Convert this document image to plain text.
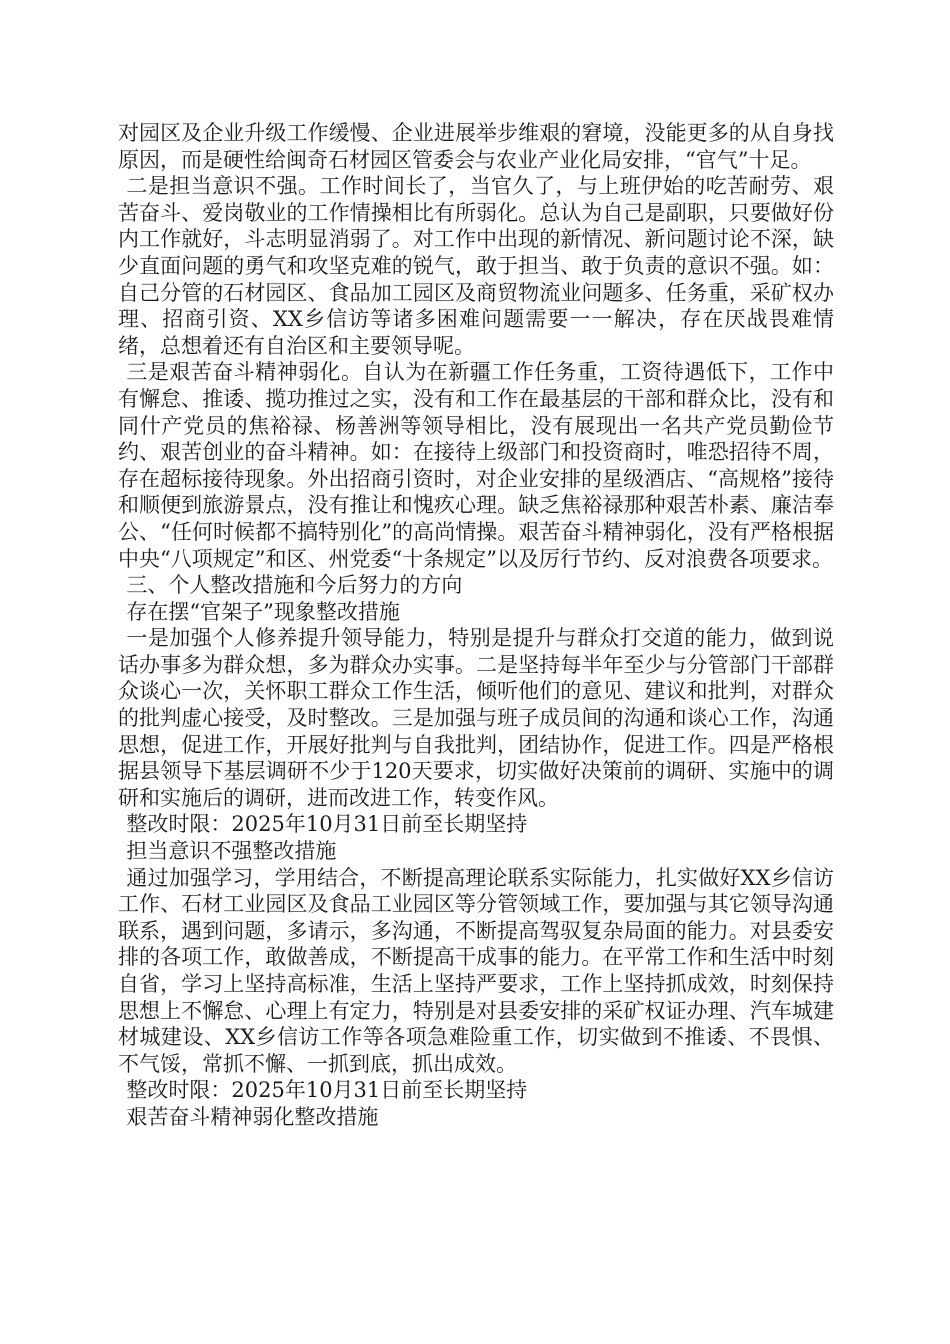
对园区及企业升级工作缓慢、企业进展举步维艰的窘境，没能更多的从自身找原因，而是硬性给闽奇石材园区管委会与农业产业化局安排，“官气”十足。

二是担当意识不强。工作时间长了，当官久了，与上班伊始的吃苦耐劳、艰苦奋斗、爱岗敬业的工作情操相比有所弱化。总认为自己是副职，只要做好份内工作就好，斗志明显消弱了。对工作中出现的新情况、新问题讨论不深，缺少直面问题的勇气和攻坚克难的锐气，敢于担当、敢于负责的意识不强。如：自己分管的石材园区、食品加工园区及商贸物流业问题多、任务重，采矿权办理、招商引资、XX乡信访等诸多困难问题需要一一解决，存在厌战畏难情绪，总想着还有自治区和主要领导呢。

三是艰苦奋斗精神弱化。自认为在新疆工作任务重，工资待遇低下，工作中有懈怠、推诿、揽功推过之实，没有和工作在最基层的干部和群众比，没有和同什产党员的焦裕禄、杨善洲等领导相比，没有展现出一名共产党员勤俭节约、艰苦创业的奋斗精神。如：在接待上级部门和投资商时，唯恐招待不周，存在超标接待现象。外出招商引资时，对企业安排的星级酒店、“高规格”接待和顺便到旅游景点，没有推让和愧疚心理。缺乏焦裕禄那种艰苦朴素、廉洁奉公、“任何时候都不搞特别化”的高尚情操。艰苦奋斗精神弱化，没有严格根据中央“八项规定”和区、州党委“十条规定”以及厉行节约、反对浪费各项要求。

三、个人整改措施和今后努力的方向

存在摆“官架子”现象整改措施

一是加强个人修养提升领导能力，特别是提升与群众打交道的能力，做到说话办事多为群众想，多为群众办实事。二是坚持每半年至少与分管部门干部群众谈心一次，关怀职工群众工作生活，倾听他们的意见、建议和批判，对群众的批判虚心接受，及时整改。三是加强与班子成员间的沟通和谈心工作，沟通思想，促进工作，开展好批判与自我批判，团结协作，促进工作。四是严格根据县领导下基层调研不少于120天要求，切实做好决策前的调研、实施中的调研和实施后的调研，进而改进工作，转变作风。

整改时限：2025年10月31日前至长期坚持

担当意识不强整改措施

通过加强学习，学用结合，不断提高理论联系实际能力，扎实做好XX乡信访工作、石材工业园区及食品工业园区等分管领域工作，要加强与其它领导沟通联系，遇到问题，多请示，多沟通，不断提高驾驭复杂局面的能力。对县委安排的各项工作，敢做善成，不断提高干成事的能力。在平常工作和生活中时刻自省，学习上坚持高标准，生活上坚持严要求，工作上坚持抓成效，时刻保持思想上不懈怠、心理上有定力，特别是对县委安排的采矿权证办理、汽车城建材城建设、XX乡信访工作等各项急难险重工作，切实做到不推诿、不畏惧、不气馁，常抓不懈、一抓到底，抓出成效。

整改时限：2025年10月31日前至长期坚持

艰苦奋斗精神弱化整改措施
